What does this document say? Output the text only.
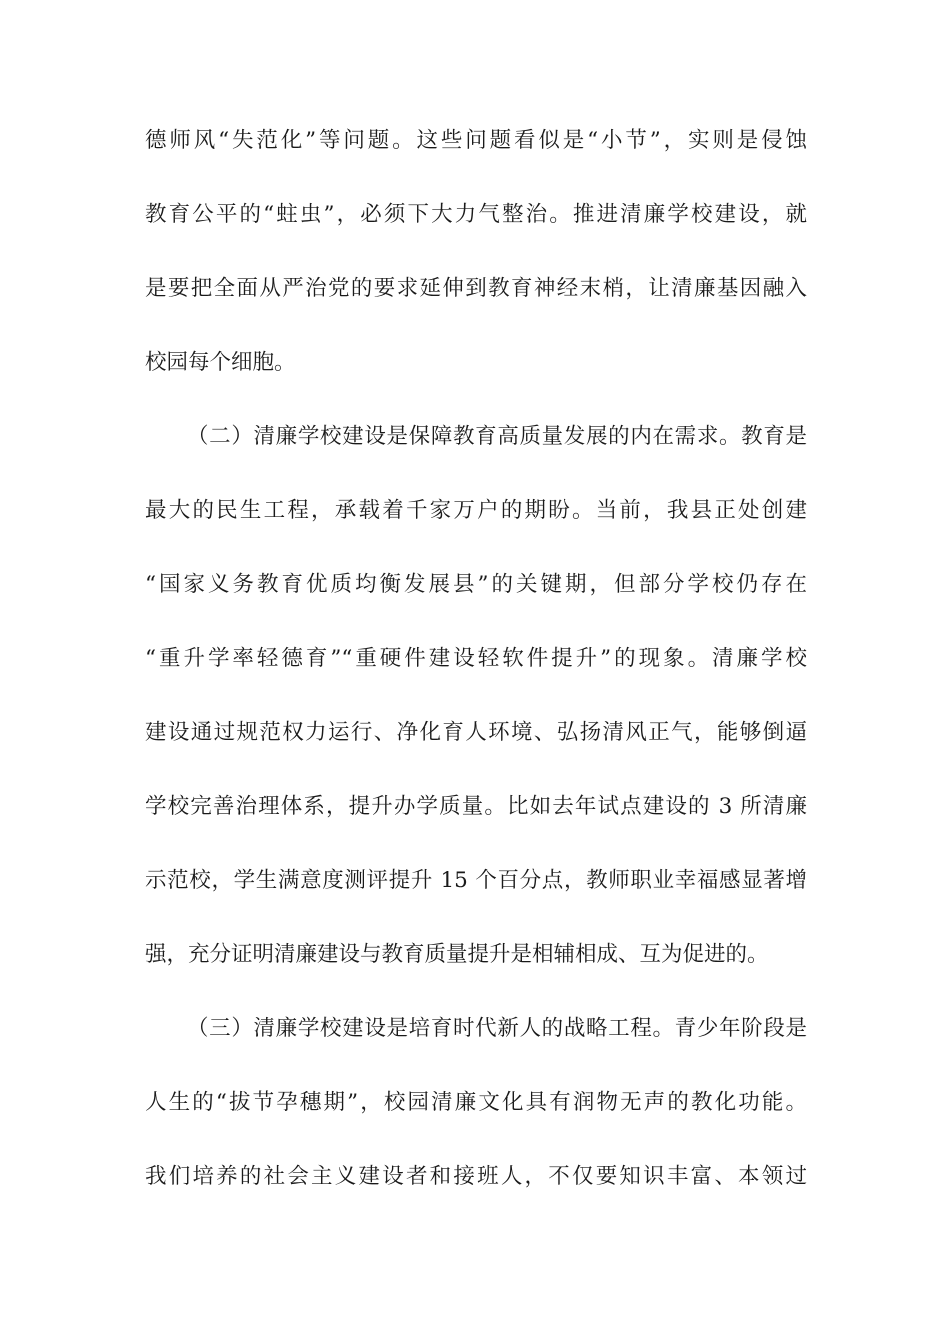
德师风“失范化”等问题。这些问题看似是“小节”，实则是侵蚀
教育公平的“蛀虫”，必须下大力气整治。推进清廉学校建设，就
是要把全面从严治党的要求延伸到教育神经末梢，让清廉基因融入
校园每个细胞。
（二）清廉学校建设是保障教育高质量发展的内在需求。教育是
最大的民生工程，承载着千家万户的期盼。当前，我县正处创建
“国家义务教育优质均衡发展县”的关键期，但部分学校仍存在
“重升学率轻德育”“重硬件建设轻软件提升”的现象。清廉学校
建设通过规范权力运行、净化育人环境、弘扬清风正气，能够倒逼
学校完善治理体系，提升办学质量。比如去年试点建设的 3 所清廉
示范校，学生满意度测评提升 15 个百分点，教师职业幸福感显著增
强，充分证明清廉建设与教育质量提升是相辅相成、互为促进的。
（三）清廉学校建设是培育时代新人的战略工程。青少年阶段是
人生的“拔节孕穗期”，校园清廉文化具有润物无声的教化功能。
我们培养的社会主义建设者和接班人，不仅要知识丰富、本领过
